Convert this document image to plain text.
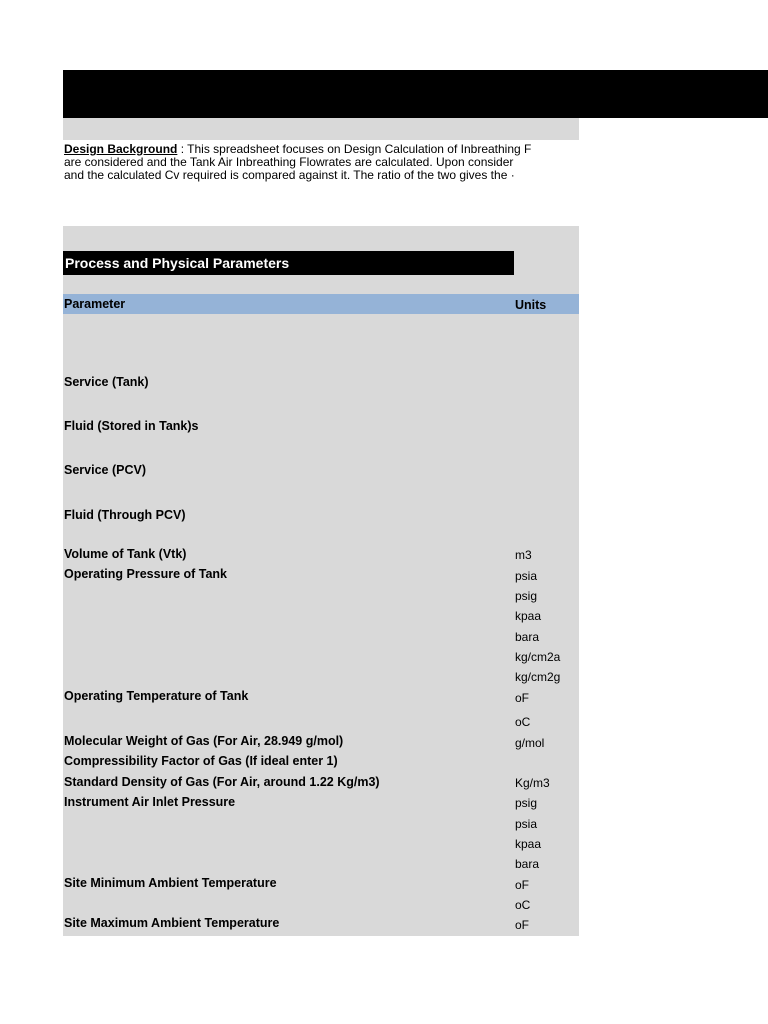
Design Background : This spreadsheet focuses on Design Calculation of Inbreathing F
are considered and the Tank Air Inbreathing Flowrates are calculated. Upon consider
and the calculated Cv required is compared against it. The ratio of the two gives the ·
Process and Physical Parameters
Parameter	Units
Service (Tank)
Fluid (Stored in Tank)s
Service (PCV)
Fluid (Through PCV)
Volume of Tank (Vtk)
Operating Pressure of Tank
Operating Temperature of Tank
Molecular Weight of Gas (For Air, 28.949 g/mol)
Compressibility Factor of Gas (If ideal enter 1)
Standard Density of Gas (For Air, around 1.22 Kg/m3)
Instrument Air Inlet Pressure
Site Minimum Ambient Temperature
Site Maximum Ambient Temperature
m3
psia
psig
kpaa
bara
kg/cm2a
kg/cm2g
oF
oC
g/mol
Kg/m3
psig
psia
kpaa
bara
oF
oC
oF
